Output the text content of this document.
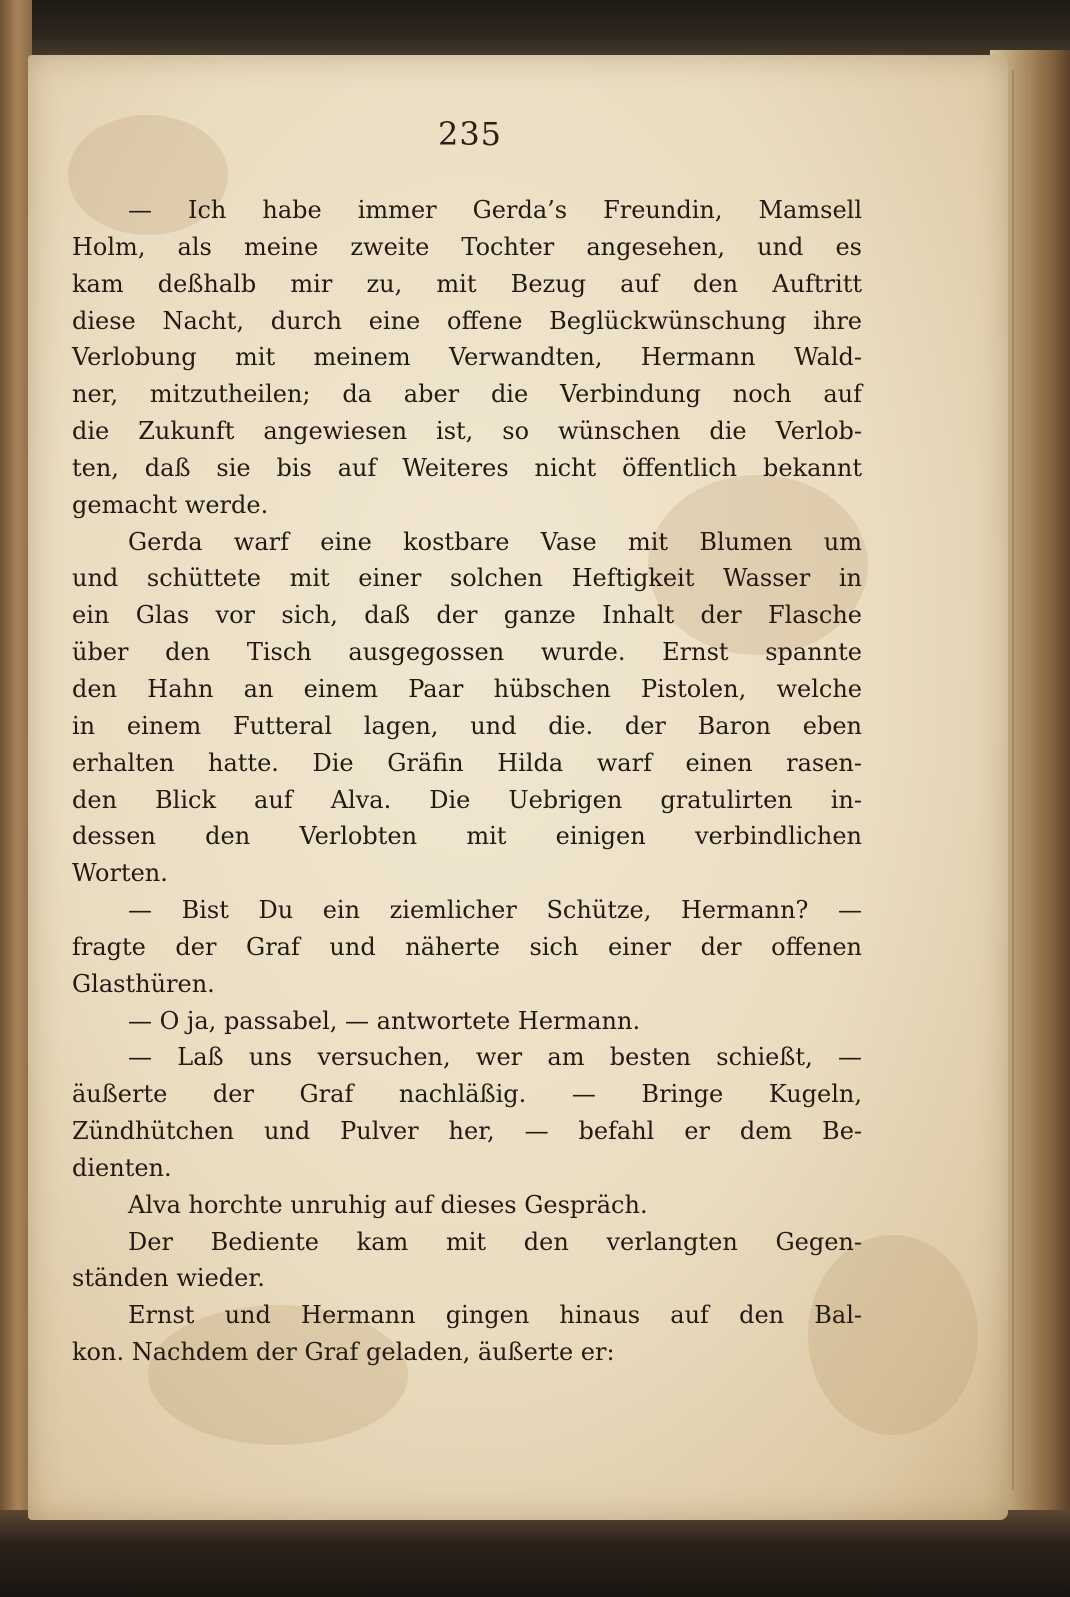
235
— Ich habe immer Gerda’s Freundin, Mamsell
Holm, als meine zweite Tochter angesehen, und es
kam deßhalb mir zu, mit Bezug auf den Auftritt
diese Nacht, durch eine offene Beglückwünschung ihre
Verlobung mit meinem Verwandten, Hermann Wald-
ner, mitzutheilen; da aber die Verbindung noch auf
die Zukunft angewiesen ist, so wünschen die Verlob-
ten, daß sie bis auf Weiteres nicht öffentlich bekannt
gemacht werde.
Gerda warf eine kostbare Vase mit Blumen um
und schüttete mit einer solchen Heftigkeit Wasser in
ein Glas vor sich, daß der ganze Inhalt der Flasche
über den Tisch ausgegossen wurde. Ernst spannte
den Hahn an einem Paar hübschen Pistolen, welche
in einem Futteral lagen, und die. der Baron eben
erhalten hatte. Die Gräfin Hilda warf einen rasen-
den Blick auf Alva. Die Uebrigen gratulirten in-
dessen den Verlobten mit einigen verbindlichen
Worten.
— Bist Du ein ziemlicher Schütze, Hermann? —
fragte der Graf und näherte sich einer der offenen
Glasthüren.
— O ja, passabel, — antwortete Hermann.
— Laß uns versuchen, wer am besten schießt, —
äußerte der Graf nachläßig. — Bringe Kugeln,
Zündhütchen und Pulver her, — befahl er dem Be-
dienten.
Alva horchte unruhig auf dieses Gespräch.
Der Bediente kam mit den verlangten Gegen-
ständen wieder.
Ernst und Hermann gingen hinaus auf den Bal-
kon. Nachdem der Graf geladen, äußerte er:
